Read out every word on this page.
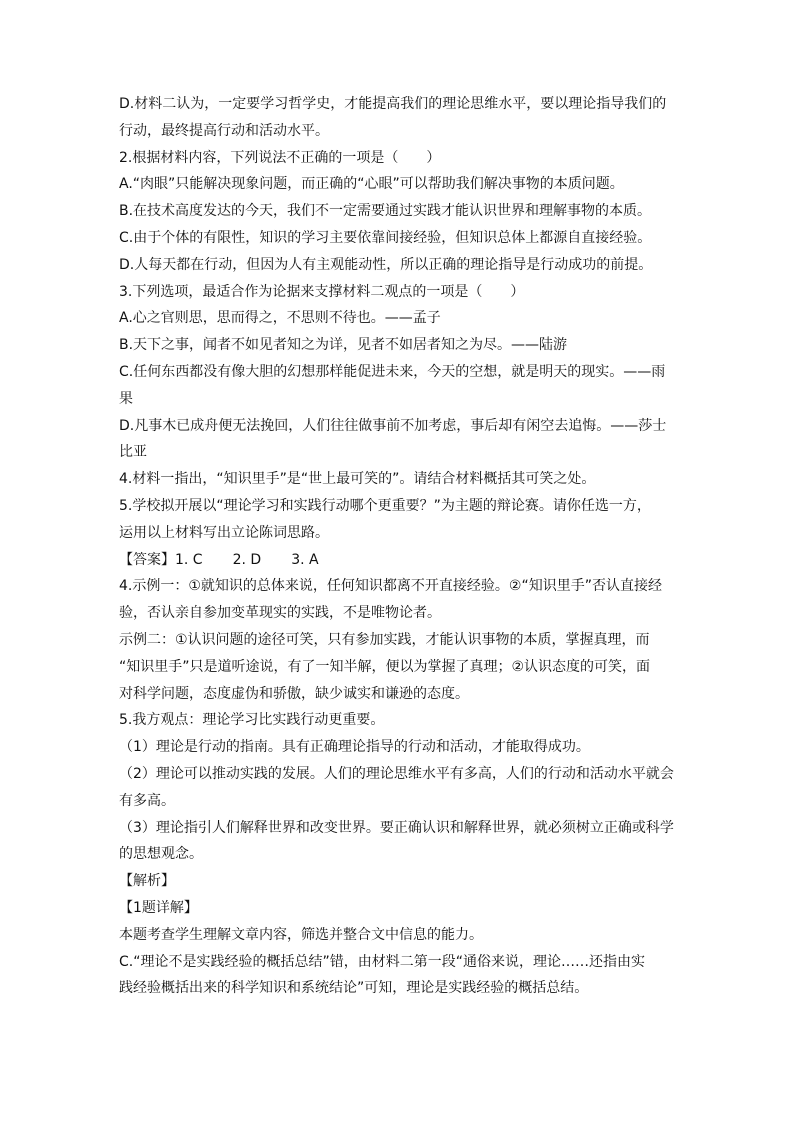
D.材料二认为，一定要学习哲学史，才能提高我们的理论思维水平，要以理论指导我们的
行动，最终提高行动和活动水平。
2.根据材料内容，下列说法不正确的一项是（　　）
A.“肉眼”只能解决现象问题，而正确的“心眼”可以帮助我们解决事物的本质问题。
B.在技术高度发达的今天，我们不一定需要通过实践才能认识世界和理解事物的本质。
C.由于个体的有限性，知识的学习主要依靠间接经验，但知识总体上都源自直接经验。
D.人每天都在行动，但因为人有主观能动性，所以正确的理论指导是行动成功的前提。
3.下列选项，最适合作为论据来支撑材料二观点的一项是（　　）
A.心之官则思，思而得之，不思则不待也。——孟子
B.天下之事，闻者不如见者知之为详，见者不如居者知之为尽。——陆游
C.任何东西都没有像大胆的幻想那样能促进未来，今天的空想，就是明天的现实。——雨
果
D.凡事木已成舟便无法挽回，人们往往做事前不加考虑，事后却有闲空去追悔。——莎士
比亚
4.材料一指出，“知识里手”是“世上最可笑的”。请结合材料概括其可笑之处。
5.学校拟开展以“理论学习和实践行动哪个更重要？”为主题的辩论赛。请你任选一方，
运用以上材料写出立论陈词思路。
【答案】1. C 2. D 3. A
4.示例一：①就知识的总体来说，任何知识都离不开直接经验。②“知识里手”否认直接经
验，否认亲自参加变革现实的实践，不是唯物论者。
示例二：①认识问题的途径可笑，只有参加实践，才能认识事物的本质，掌握真理，而
“知识里手”只是道听途说，有了一知半解，便以为掌握了真理；②认识态度的可笑，面
对科学问题，态度虚伪和骄傲，缺少诚实和谦逊的态度。
5.我方观点：理论学习比实践行动更重要。
（1）理论是行动的指南。具有正确理论指导的行动和活动，才能取得成功。
（2）理论可以推动实践的发展。人们的理论思维水平有多高，人们的行动和活动水平就会
有多高。
（3）理论指引人们解释世界和改变世界。要正确认识和解释世界，就必须树立正确或科学
的思想观念。
【解析】
【1题详解】
本题考查学生理解文章内容，筛选并整合文中信息的能力。
C.“理论不是实践经验的概括总结”错，由材料二第一段“通俗来说，理论……还指由实
践经验概括出来的科学知识和系统结论”可知，理论是实践经验的概括总结。
